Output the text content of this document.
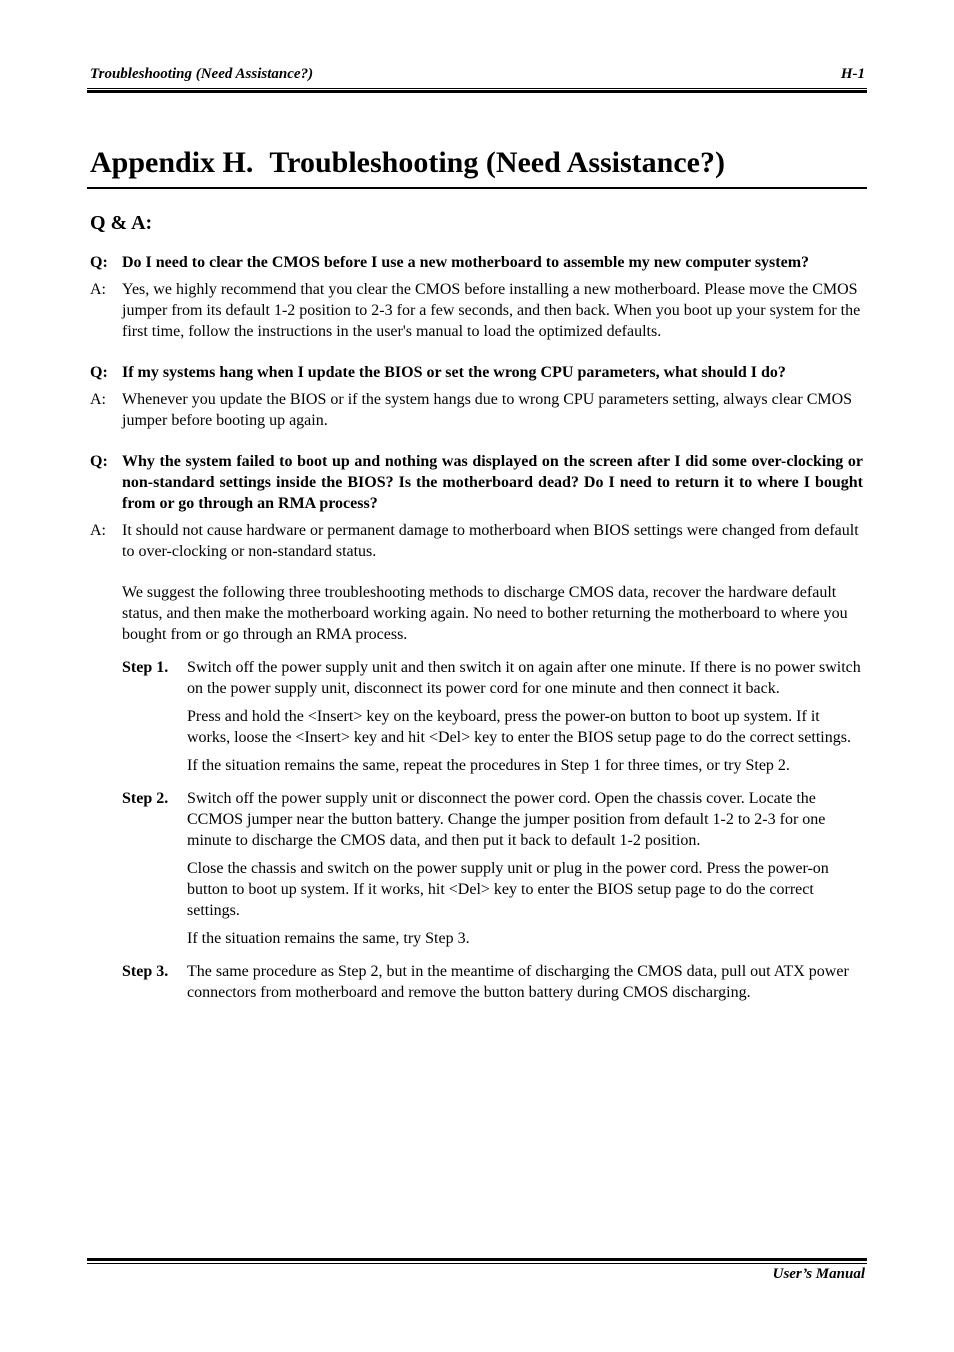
Troubleshooting (Need Assistance?)	H-1
Appendix H. Troubleshooting (Need Assistance?)
Q & A:
Q: Do I need to clear the CMOS before I use a new motherboard to assemble my new computer system?
A:	Yes, we highly recommend that you clear the CMOS before installing a new motherboard. Please move the CMOS jumper from its default 1-2 position to 2-3 for a few seconds, and then back. When you boot up your system for the first time, follow the instructions in the user's manual to load the optimized defaults.
Q: If my systems hang when I update the BIOS or set the wrong CPU parameters, what should I do?
A:	Whenever you update the BIOS or if the system hangs due to wrong CPU parameters setting, always clear CMOS jumper before booting up again.
Q: Why the system failed to boot up and nothing was displayed on the screen after I did some over-clocking or non-standard settings inside the BIOS? Is the motherboard dead? Do I need to return it to where I bought from or go through an RMA process?
A:	It should not cause hardware or permanent damage to motherboard when BIOS settings were changed from default to over-clocking or non-standard status.
We suggest the following three troubleshooting methods to discharge CMOS data, recover the hardware default status, and then make the motherboard working again. No need to bother returning the motherboard to where you bought from or go through an RMA process.
Step 1.	Switch off the power supply unit and then switch it on again after one minute. If there is no power switch on the power supply unit, disconnect its power cord for one minute and then connect it back.
Press and hold the <Insert> key on the keyboard, press the power-on button to boot up system. If it works, loose the <Insert> key and hit <Del> key to enter the BIOS setup page to do the correct settings.
If the situation remains the same, repeat the procedures in Step 1 for three times, or try Step 2.
Step 2.	Switch off the power supply unit or disconnect the power cord. Open the chassis cover. Locate the CCMOS jumper near the button battery. Change the jumper position from default 1-2 to 2-3 for one minute to discharge the CMOS data, and then put it back to default 1-2 position.
Close the chassis and switch on the power supply unit or plug in the power cord. Press the power-on button to boot up system. If it works, hit <Del> key to enter the BIOS setup page to do the correct settings.
If the situation remains the same, try Step 3.
Step 3.	The same procedure as Step 2, but in the meantime of discharging the CMOS data, pull out ATX power connectors from motherboard and remove the button battery during CMOS discharging.
User’s Manual
